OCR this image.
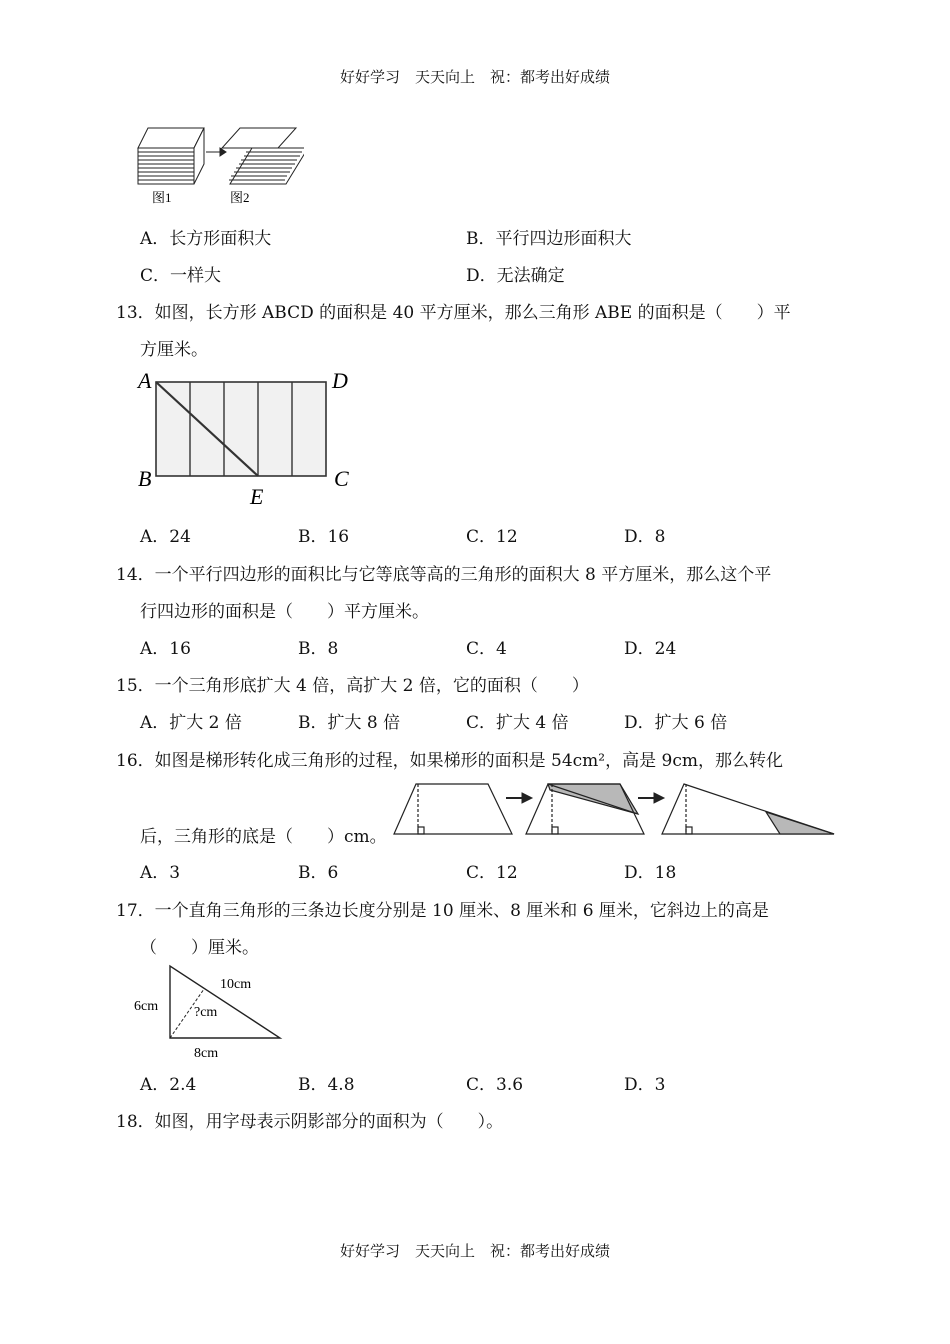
好好学习　天天向上　祝：都考出好成绩
图1	图2
A．长方形面积大	B．平行四边形面积大
C．一样大	D．无法确定
13．如图，长方形 ABCD 的面积是 40 平方厘米，那么三角形 ABE 的面积是（　　）平
方厘米。
A	D
B	C
E
A．24	B．16	C．12	D．8
14．一个平行四边形的面积比与它等底等高的三角形的面积大 8 平方厘米，那么这个平
行四边形的面积是（　　）平方厘米。
A．16	B．8	C．4	D．24
15．一个三角形底扩大 4 倍，高扩大 2 倍，它的面积（　　）
A．扩大 2 倍	B．扩大 8 倍	C．扩大 4 倍	D．扩大 6 倍
16．如图是梯形转化成三角形的过程，如果梯形的面积是 54cm²，高是 9cm，那么转化
后，三角形的底是（　　）cm。
A．3	B．6	C．12	D．18
17．一个直角三角形的三条边长度分别是 10 厘米、8 厘米和 6 厘米，它斜边上的高是
（　　）厘米。
10cm
6cm	?cm
8cm
A．2.4	B．4.8	C．3.6	D．3
18．如图，用字母表示阴影部分的面积为（　　）。
好好学习　天天向上　祝：都考出好成绩
